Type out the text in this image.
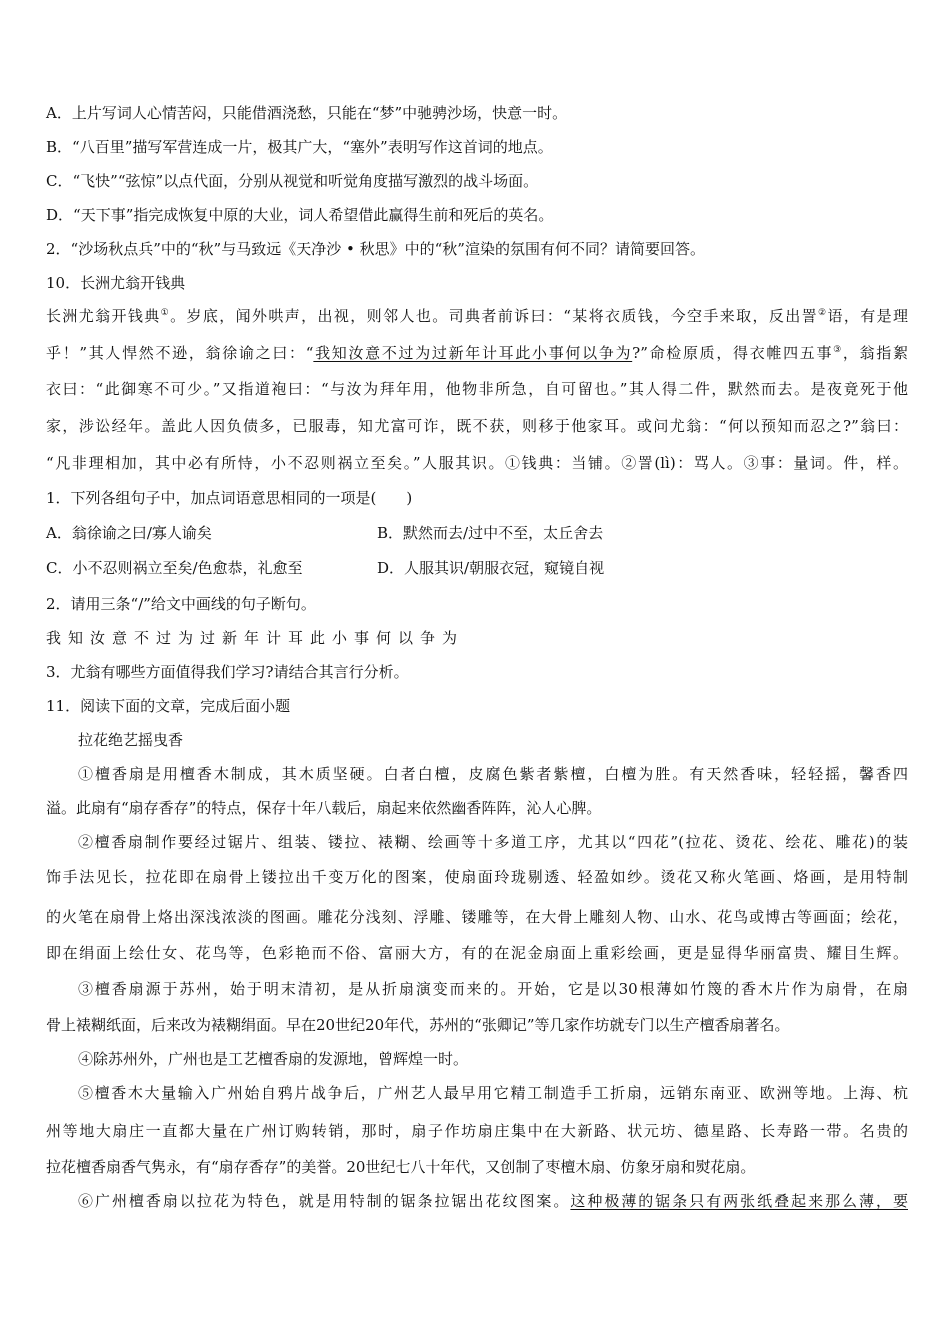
A．上片写词人心情苦闷，只能借酒浇愁，只能在“梦”中驰骋沙场，快意一时。
B．“八百里”描写军营连成一片，极其广大，“塞外”表明写作这首词的地点。
C．“飞快”“弦惊”以点代面，分别从视觉和听觉角度描写激烈的战斗场面。
D．“天下事”指完成恢复中原的大业，词人希望借此赢得生前和死后的英名。
2．“沙场秋点兵”中的“秋”与马致远《天净沙 • 秋思》中的“秋”渲染的氛围有何不同？请简要回答。
10．长洲尤翁开钱典
长洲尤翁开钱典①。岁底，闻外哄声，出视，则邻人也。司典者前诉曰：“某将衣质钱，今空手来取，反出詈②语，有是理
乎！”其人悍然不逊，翁徐谕之曰：“我知汝意不过为过新年计耳此小事何以争为?”命检原质，得衣帷四五事③，翁指絮
衣曰：“此御寒不可少。”又指道袍曰：“与汝为拜年用，他物非所急，自可留也。”其人得二件，默然而去。是夜竟死于他
家，涉讼经年。盖此人因负债多，已服毒，知尤富可诈，既不获，则移于他家耳。或问尤翁：“何以预知而忍之?”翁曰：
“凡非理相加，其中必有所恃，小不忍则祸立至矣。”人服其识。①钱典：当铺。②詈(lì)：骂人。③事：量词。件，样。
1．下列各组句子中，加点词语意思相同的一项是(　　)
A．翁徐谕之曰/寡人谕矣	B．默然而去/过中不至，太丘舍去
C．小不忍则祸立至矣/色愈恭，礼愈至	D．人服其识/朝服衣冠，窥镜自视
2．请用三条“/”给文中画线的句子断句。
我知汝意不过为过新年计耳此小事何以争为
3．尤翁有哪些方面值得我们学习?请结合其言行分析。
11．阅读下面的文章，完成后面小题
拉花绝艺摇曳香
①檀香扇是用檀香木制成，其木质坚硬。白者白檀，皮腐色紫者紫檀，白檀为胜。有天然香味，轻轻摇，馨香四
溢。此扇有“扇存香存”的特点，保存十年八载后，扇起来依然幽香阵阵，沁人心脾。
②檀香扇制作要经过锯片、组装、镂拉、裱糊、绘画等十多道工序，尤其以“四花”(拉花、烫花、绘花、雕花)的装
饰手法见长，拉花即在扇骨上镂拉出千变万化的图案，使扇面玲珑剔透、轻盈如纱。烫花又称火笔画、烙画，是用特制
的火笔在扇骨上烙出深浅浓淡的图画。雕花分浅刻、浮雕、镂雕等，在大骨上雕刻人物、山水、花鸟或博古等画面；绘花，
即在绢面上绘仕女、花鸟等，色彩艳而不俗、富丽大方，有的在泥金扇面上重彩绘画，更是显得华丽富贵、耀目生辉。
③檀香扇源于苏州，始于明末清初，是从折扇演变而来的。开始，它是以30根薄如竹篾的香木片作为扇骨，在扇
骨上裱糊纸面，后来改为裱糊绢面。早在20世纪20年代，苏州的“张卿记”等几家作坊就专门以生产檀香扇著名。
④除苏州外，广州也是工艺檀香扇的发源地，曾辉煌一时。
⑤檀香木大量输入广州始自鸦片战争后，广州艺人最早用它精工制造手工折扇，远销东南亚、欧洲等地。上海、杭
州等地大扇庄一直都大量在广州订购转销，那时，扇子作坊扇庄集中在大新路、状元坊、德星路、长寿路一带。名贵的
拉花檀香扇香气隽永，有“扇存香存”的美誉。20世纪七八十年代，又创制了枣檀木扇、仿象牙扇和熨花扇。
⑥广州檀香扇以拉花为特色，就是用特制的锯条拉锯出花纹图案。这种极薄的锯条只有两张纸叠起来那么薄，要
